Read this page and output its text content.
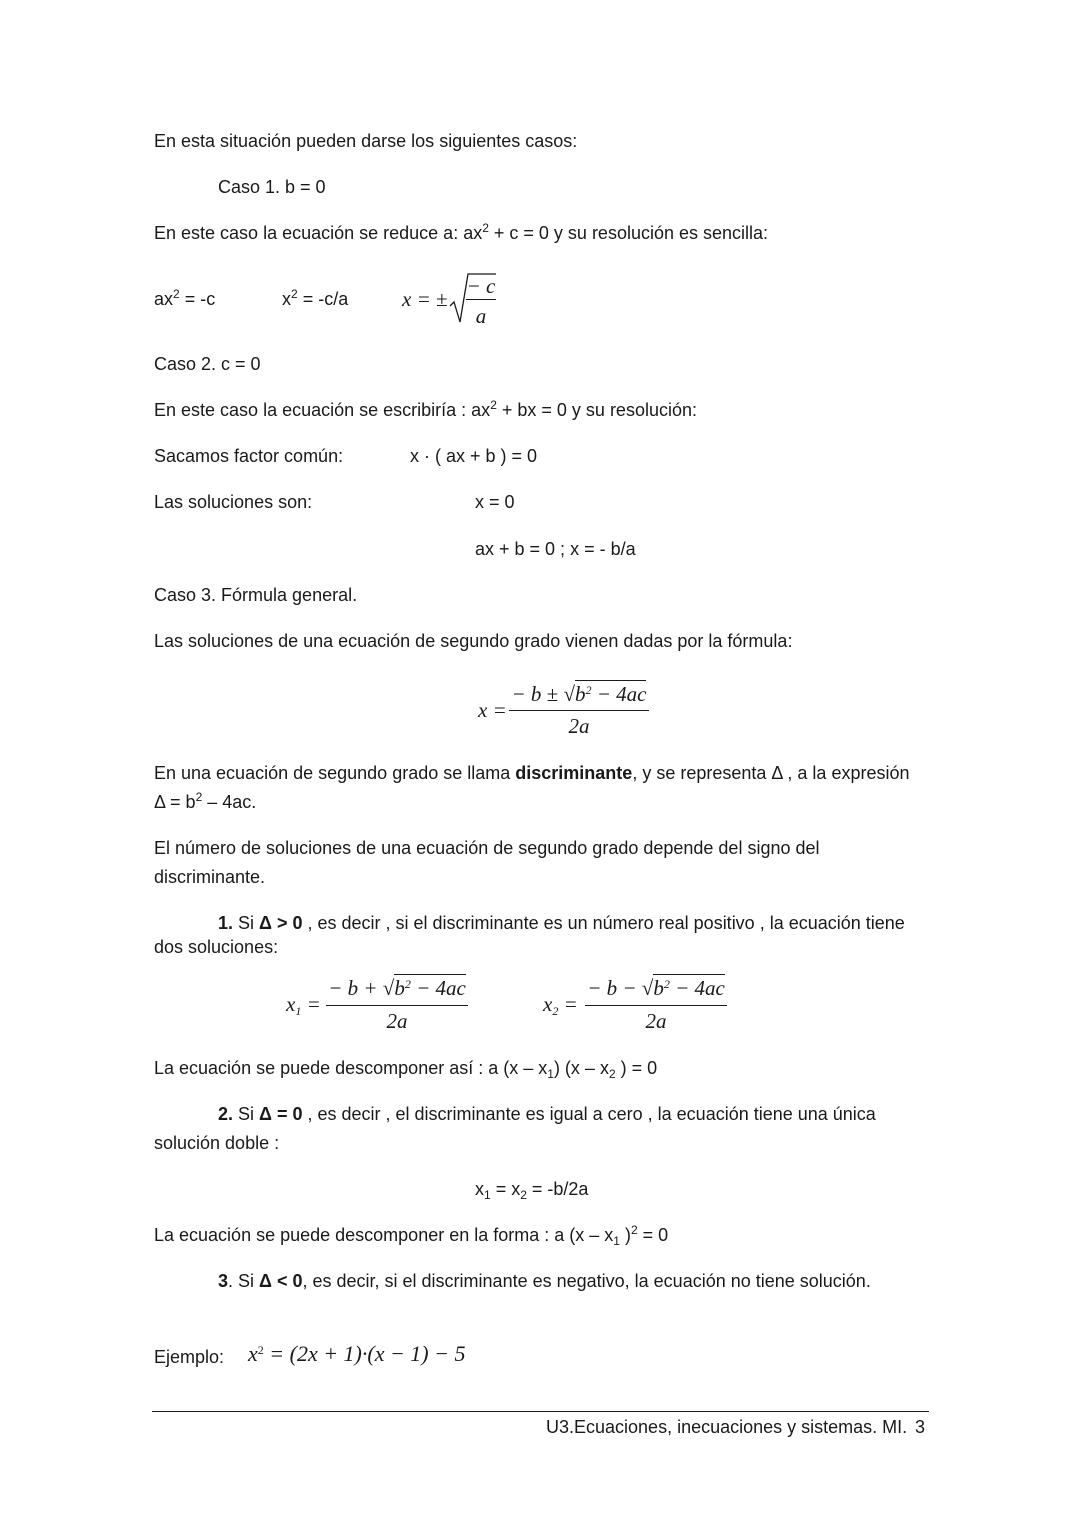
En esta situación pueden darse los siguientes casos:
Caso 1. b = 0
En este caso la ecuación se reduce a: $ax^2 + c = 0$ y su resolución es sencilla:
$ax^2 = -c$	$x^2 = -c/a$	x = ±
− c
a
Caso 2. c = 0
En este caso la ecuación se escribiría : $ax^2$ + bx = 0 y su resolución:
Sacamos factor común:	x · ( ax + b ) = 0
Las soluciones son:	x = 0
ax + b = 0 ; x = - b/a
Caso 3. Fórmula general.
Las soluciones de una ecuación de segundo grado vienen dadas por la fórmula:
x =
− $b \pm √b^2 - 4ac$
2a
En una ecuación de segundo grado se llama discriminante, y se representa Δ , a la expresión
$\Delta = b^2 - 4ac$.
El número de soluciones de una ecuación de segundo grado depende del signo del
discriminante.
1. Si Δ > 0 , es decir , si el discriminante es un número real positivo , la ecuación tiene
dos soluciones:
$x_1$ =
− $b + √b^2 - 4ac$
2a
$x_2$ =
− $b - √b^2 - 4ac$
2a
La ecuación se puede descomponer así : a $(x - x_1)$ ($x - x_2$ ) = 0
2. Si Δ = 0 , es decir , el discriminante es igual a cero , la ecuación tiene una única
solución doble :
$x_1 = x_2 = -b/2a$
La ecuación se puede descomponer en la forma : a ($x - x_1$ )$^2$ = 0
3. Si Δ < 0, es decir, si el discriminante es negativo, la ecuación no tiene solución.
Ejemplo: $x^2 = (2x + 1)\cdot(x - 1) - 5$
U3.Ecuaciones, inecuaciones y sistemas. MI. 3
